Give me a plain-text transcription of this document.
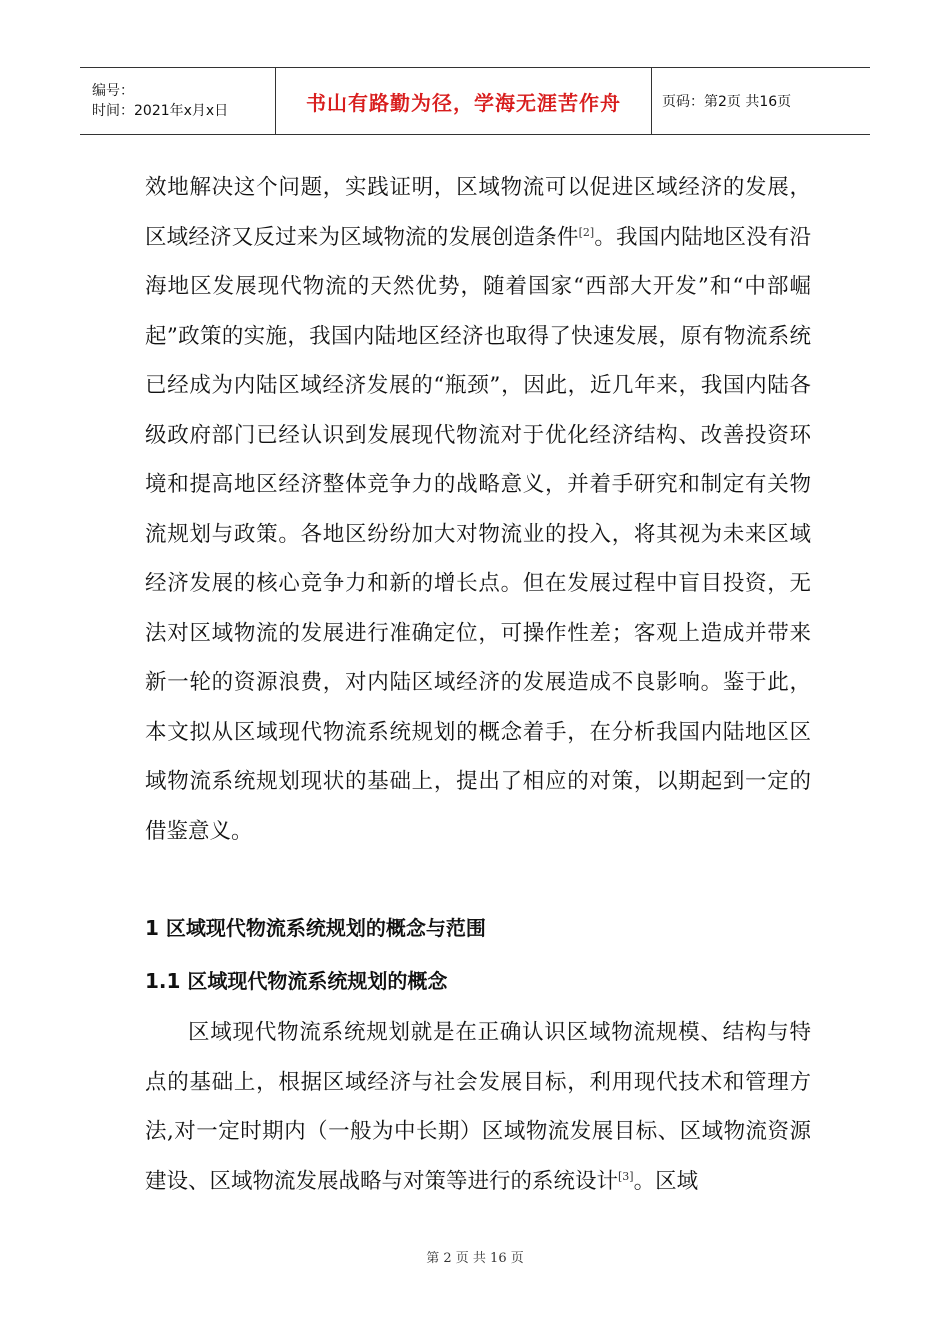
编号：
时间：2021年x月x日	书山有路勤为径，学海无涯苦作舟	页码：第2页 共16页

效地解决这个问题，实践证明，区域物流可以促进区域经济的发展，区域经济又反过来为区域物流的发展创造条件[2]。我国内陆地区没有沿海地区发展现代物流的天然优势，随着国家“西部大开发”和“中部崛起”政策的实施，我国内陆地区经济也取得了快速发展，原有物流系统已经成为内陆区域经济发展的“瓶颈”，因此，近几年来，我国内陆各级政府部门已经认识到发展现代物流对于优化经济结构、改善投资环境和提高地区经济整体竞争力的战略意义，并着手研究和制定有关物流规划与政策。各地区纷纷加大对物流业的投入，将其视为未来区域经济发展的核心竞争力和新的增长点。但在发展过程中盲目投资，无法对区域物流的发展进行准确定位，可操作性差；客观上造成并带来新一轮的资源浪费，对内陆区域经济的发展造成不良影响。鉴于此，本文拟从区域现代物流系统规划的概念着手，在分析我国内陆地区区域物流系统规划现状的基础上，提出了相应的对策，以期起到一定的借鉴意义。

1 区域现代物流系统规划的概念与范围
1.1 区域现代物流系统规划的概念

区域现代物流系统规划就是在正确认识区域物流规模、结构与特点的基础上，根据区域经济与社会发展目标，利用现代技术和管理方法,对一定时期内（一般为中长期）区域物流发展目标、区域物流资源建设、区域物流发展战略与对策等进行的系统设计[3]。区域

第 2 页 共 16 页
